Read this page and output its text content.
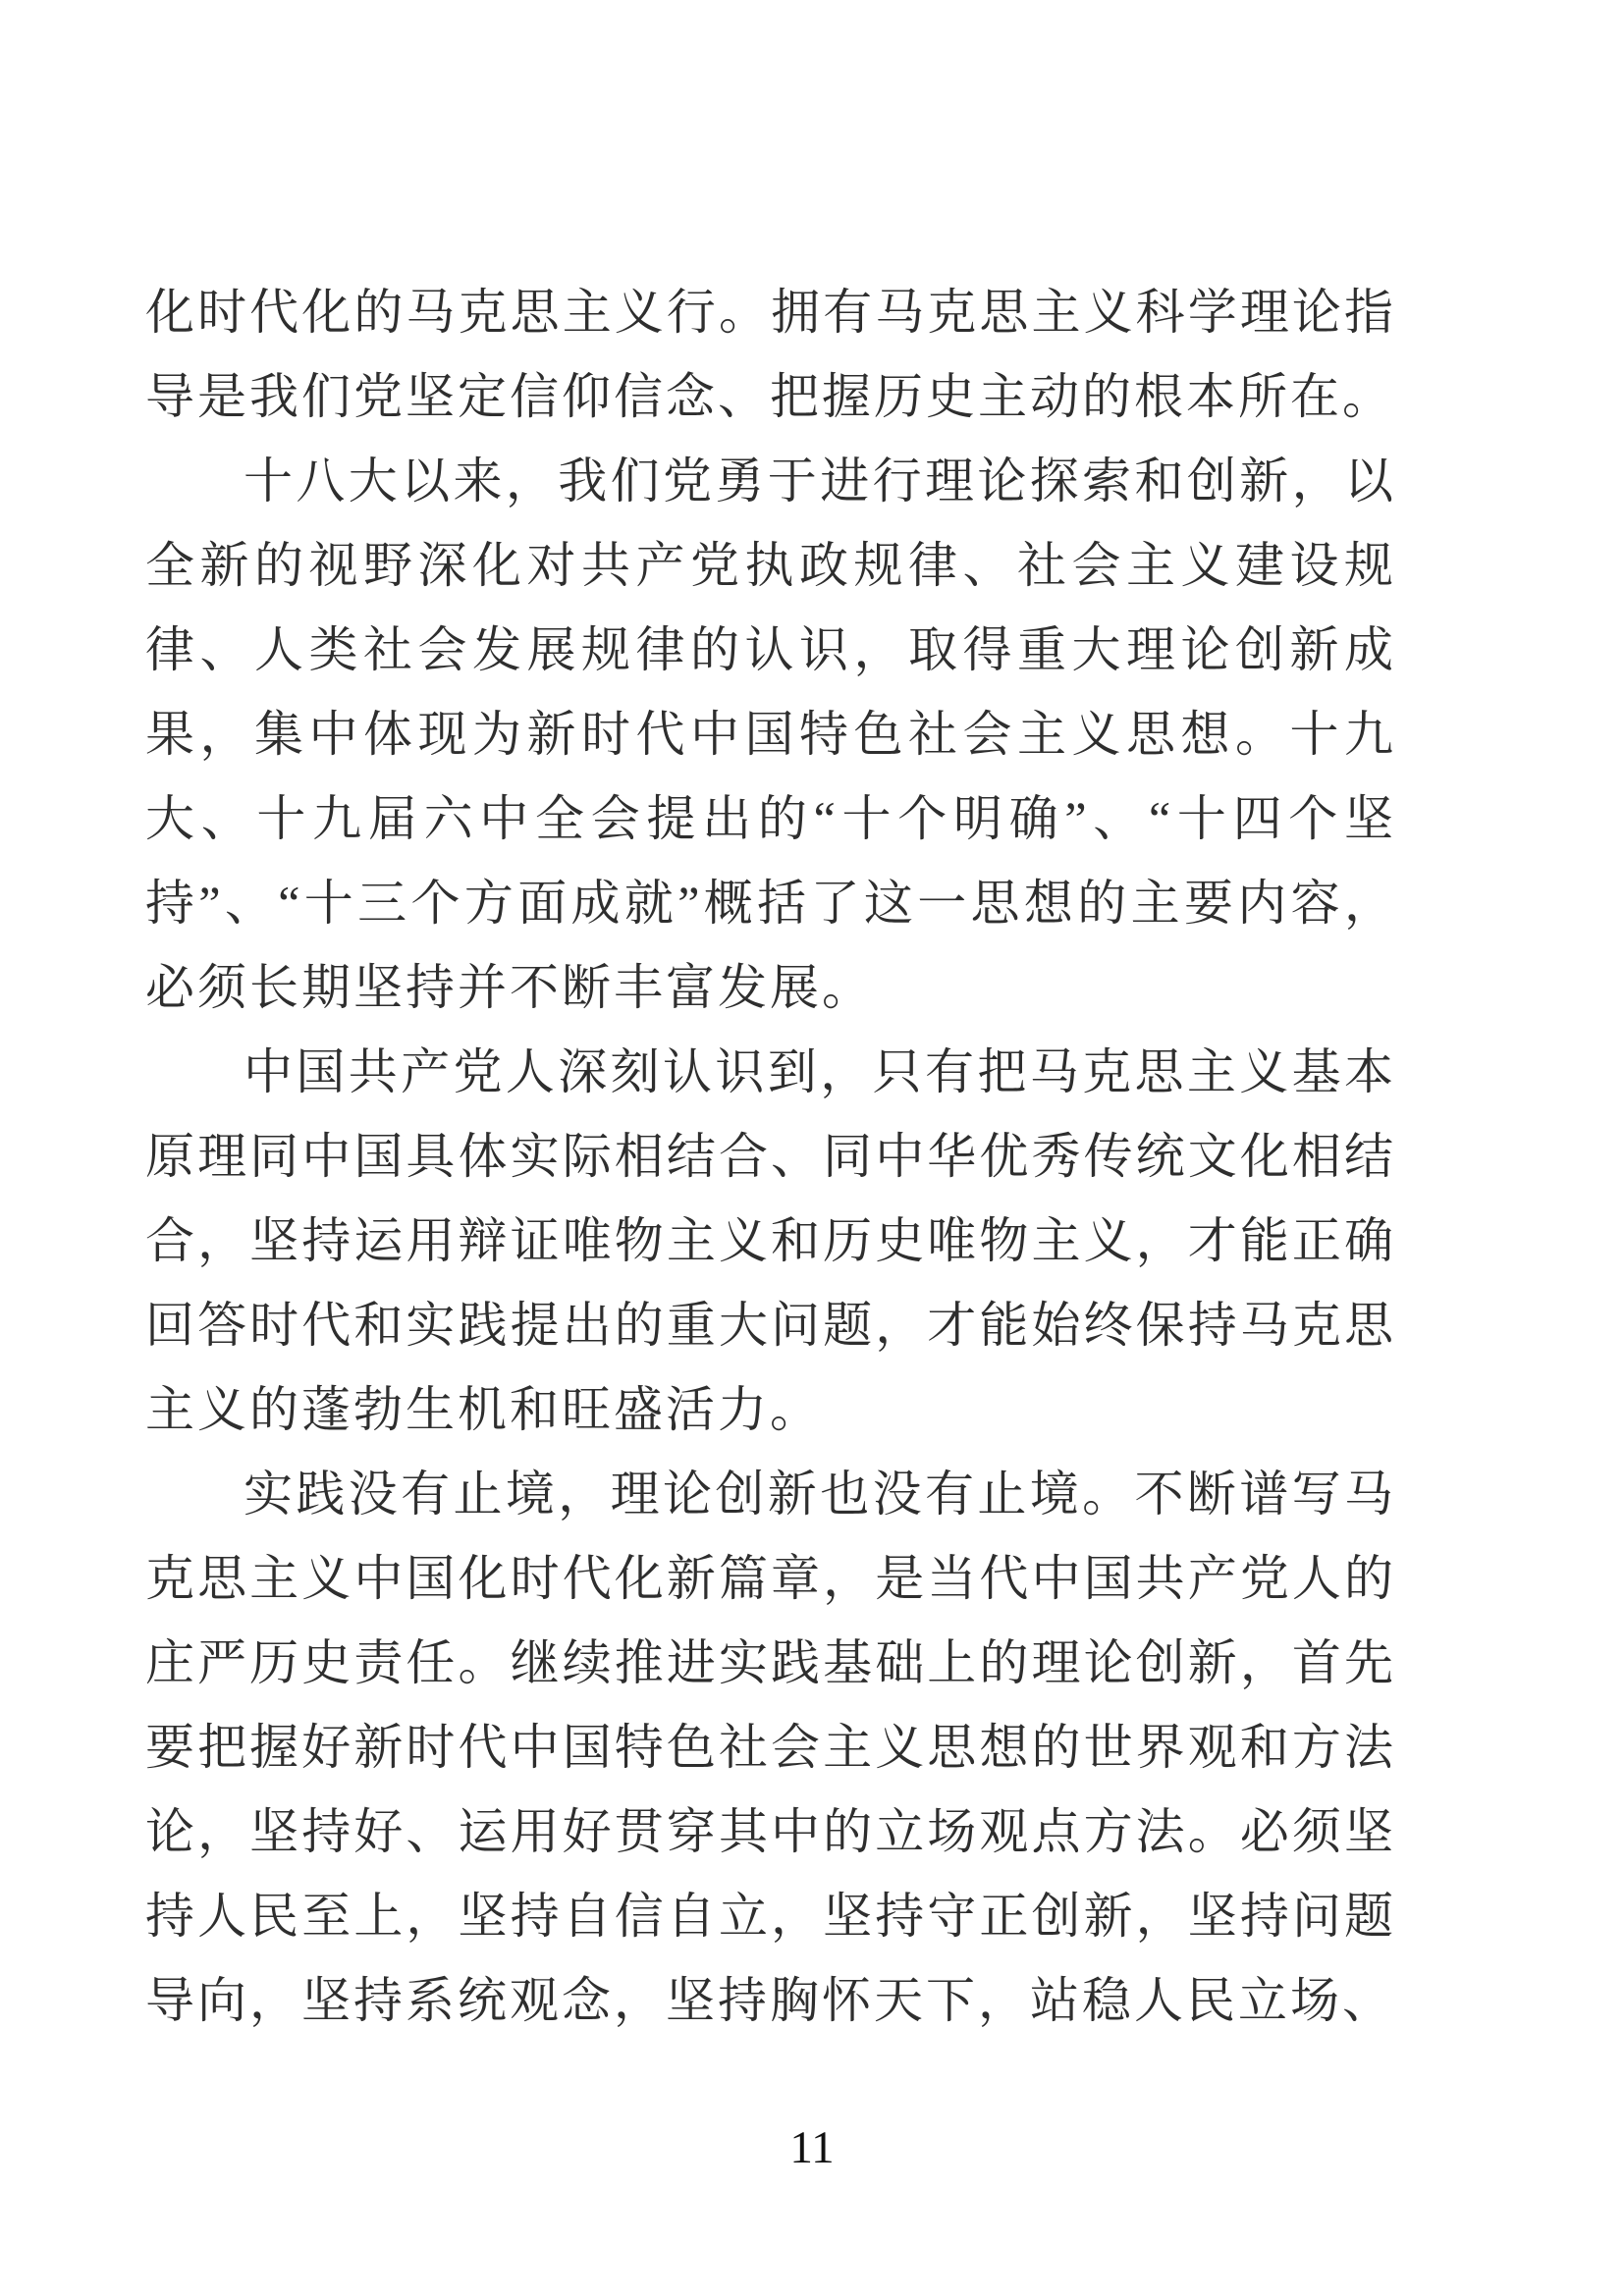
化时代化的马克思主义行。拥有马克思主义科学理论指导是我们党坚定信仰信念、把握历史主动的根本所在。

十八大以来，我们党勇于进行理论探索和创新，以全新的视野深化对共产党执政规律、社会主义建设规律、人类社会发展规律的认识，取得重大理论创新成果，集中体现为新时代中国特色社会主义思想。十九大、十九届六中全会提出的“十个明确”、“十四个坚持”、“十三个方面成就”概括了这一思想的主要内容，必须长期坚持并不断丰富发展。

中国共产党人深刻认识到，只有把马克思主义基本原理同中国具体实际相结合、同中华优秀传统文化相结合，坚持运用辩证唯物主义和历史唯物主义，才能正确回答时代和实践提出的重大问题，才能始终保持马克思主义的蓬勃生机和旺盛活力。

实践没有止境，理论创新也没有止境。不断谱写马克思主义中国化时代化新篇章，是当代中国共产党人的庄严历史责任。继续推进实践基础上的理论创新，首先要把握好新时代中国特色社会主义思想的世界观和方法论，坚持好、运用好贯穿其中的立场观点方法。必须坚持人民至上，坚持自信自立，坚持守正创新，坚持问题导向，坚持系统观念，坚持胸怀天下，站稳人民立场、

11
